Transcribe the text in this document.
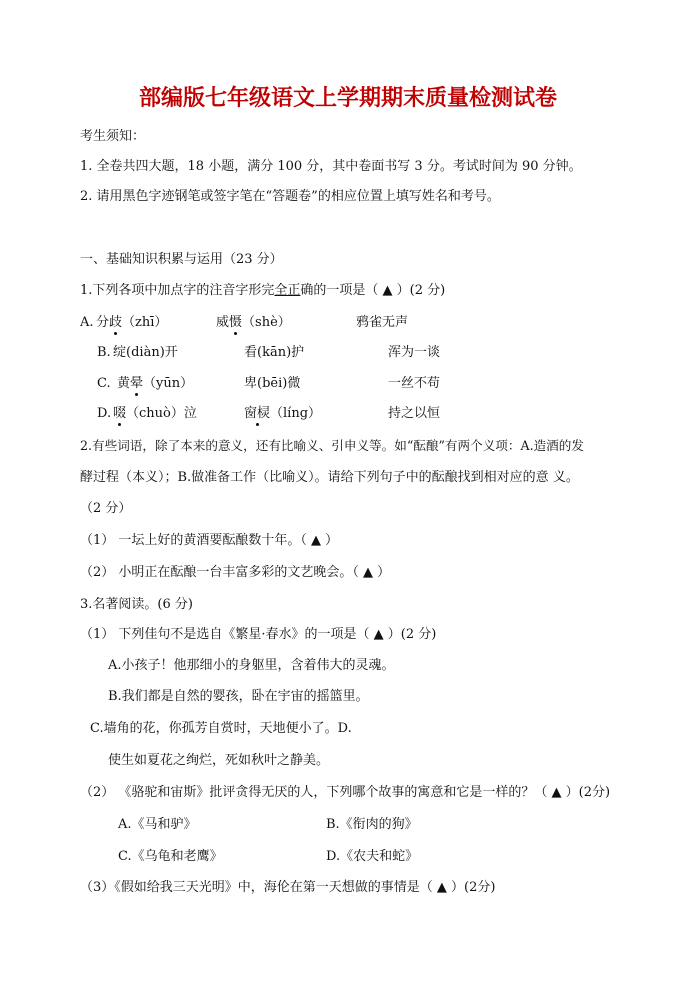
部编版七年级语文上学期期末质量检测试卷
考生须知：
1. 全卷共四大题，18 小题，满分 100 分，其中卷面书写 3 分。考试时间为 90 分钟。
2. 请用黑色字迹钢笔或签字笔在“答题卷”的相应位置上填写姓名和考号。
一、基础知识积累与运用（23 分）
1.下列各项中加点字的注音字形完全正确的一项是（ ▲ ）(2 分)
A. 分歧（zhī）	威慑（shè）	鸦雀无声
B. 绽(diàn)开	看(kān)护	浑为一谈
C. 黄晕（yūn）	卑(bēi)微	一丝不苟
D. 啜（chuò）泣	窗棂（líng）	持之以恒
2.有些词语，除了本来的意义，还有比喻义、引申义等。如“酝酿”有两个义项：A.造酒的发
酵过程（本义）；B.做准备工作（比喻义）。请给下列句子中的酝酿找到相对应的意 义。
（2 分）
（1） 一坛上好的黄酒要酝酿数十年。（ ▲ ）
（2） 小明正在酝酿一台丰富多彩的文艺晚会。（ ▲ ）
3.名著阅读。(6 分)
（1） 下列佳句不是选自《繁星·春水》的一项是（ ▲ ）(2 分)
A.小孩子！他那细小的身躯里，含着伟大的灵魂。
B.我们都是自然的婴孩，卧在宇宙的摇篮里。
C.墙角的花，你孤芳自赏时，天地便小了。D.
使生如夏花之绚烂，死如秋叶之静美。
（2） 《骆驼和宙斯》批评贪得无厌的人，下列哪个故事的寓意和它是一样的？（ ▲ ）(2分)
A.《马和驴》	B.《衔肉的狗》
C.《乌龟和老鹰》	D.《农夫和蛇》
（3）《假如给我三天光明》中，海伦在第一天想做的事情是（ ▲ ）(2分)
